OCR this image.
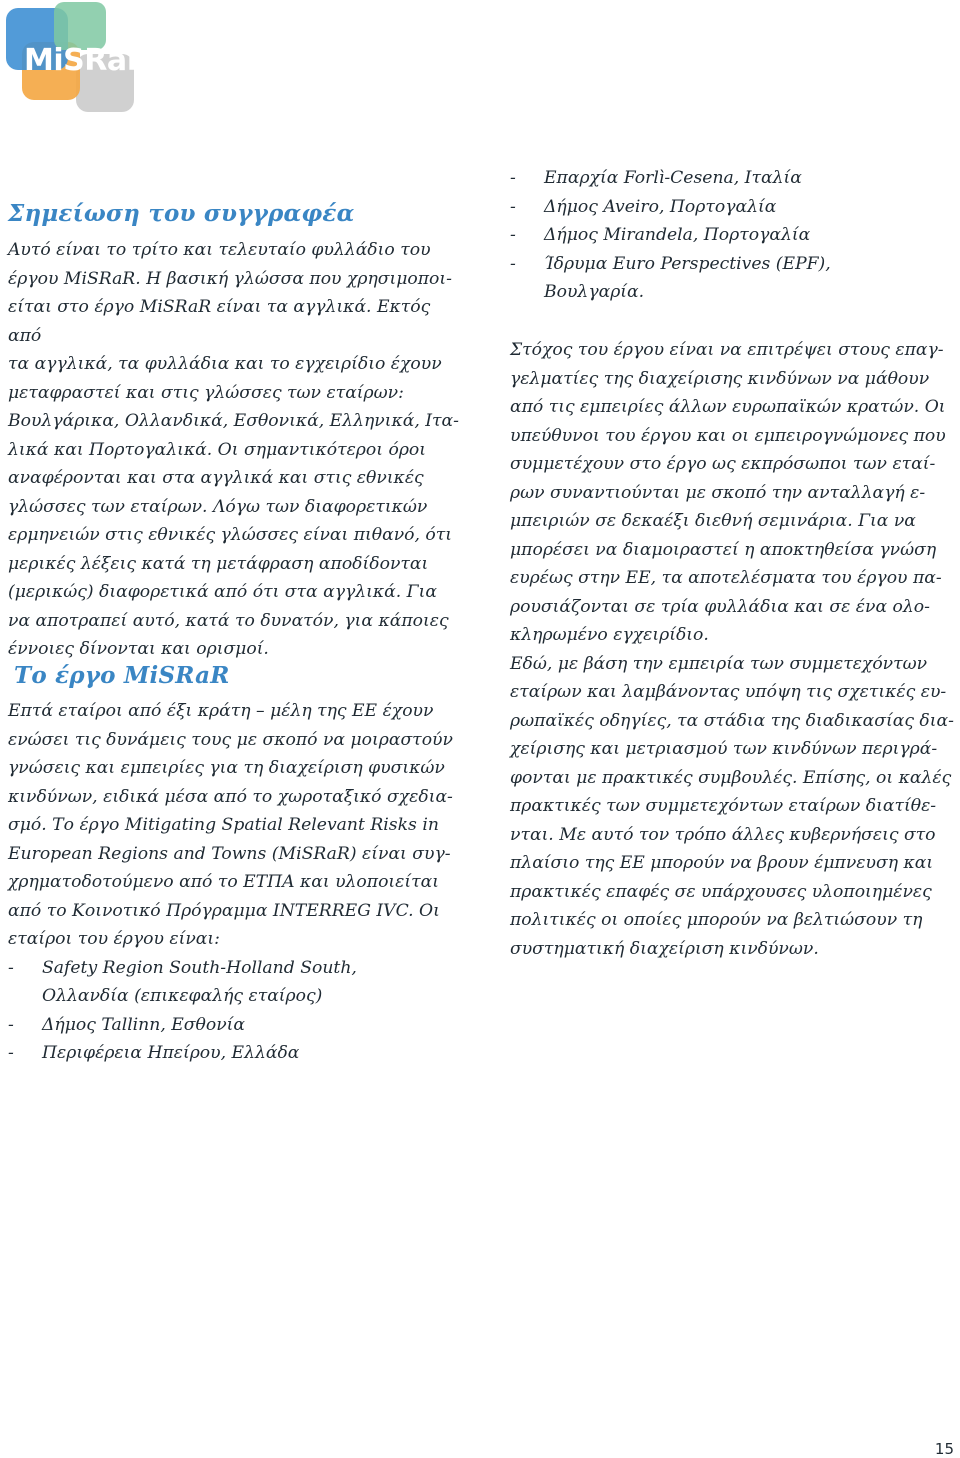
MiSRaR
Σημείωση του συγγραφέα
Αυτό είναι το τρίτο και τελευταίο φυλλάδιο του
έργου MiSRaR. Η βασική γλώσσα που χρησιμοποι-
είται στο έργο MiSRaR είναι τα αγγλικά. Εκτός από
τα αγγλικά, τα φυλλάδια και το εγχειρίδιο έχουν
μεταφραστεί και στις γλώσσες των εταίρων:
Βουλγάρικα, Ολλανδικά, Εσθονικά, Ελληνικά, Ιτα-
λικά και Πορτογαλικά. Οι σημαντικότεροι όροι
αναφέρονται και στα αγγλικά και στις εθνικές
γλώσσες των εταίρων. Λόγω των διαφορετικών
ερμηνειών στις εθνικές γλώσσες είναι πιθανό, ότι
μερικές λέξεις κατά τη μετάφραση αποδίδονται
(μερικώς) διαφορετικά από ότι στα αγγλικά. Για
να αποτραπεί αυτό, κατά το δυνατόν, για κάποιες
έννοιες δίνονται και ορισμοί.
Το έργο MiSRaR
Επτά εταίροι από έξι κράτη – μέλη της ΕΕ έχουν
ενώσει τις δυνάμεις τους με σκοπό να μοιραστούν
γνώσεις και εμπειρίες για τη διαχείριση φυσικών
κινδύνων, ειδικά μέσα από το χωροταξικό σχεδια-
σμό. Το έργο Mitigating Spatial Relevant Risks in
European Regions and Towns (MiSRaR) είναι συγ-
χρηματοδοτούμενο από το ΕΤΠΑ και υλοποιείται
από το Κοινοτικό Πρόγραμμα INTERREG IVC. Οι
εταίροι του έργου είναι:
- Safety Region South-Holland South,
Ολλανδία (επικεφαλής εταίρος)
- Δήμος Tallinn, Εσθονία
- Περιφέρεια Ηπείρου, Ελλάδα
- Επαρχία Forlì-Cesena, Ιταλία
- Δήμος Aveiro, Πορτογαλία
- Δήμος Mirandela, Πορτογαλία
- Ίδρυμα Euro Perspectives (EPF),
Βουλγαρία.
Στόχος του έργου είναι να επιτρέψει στους επαγ-
γελματίες της διαχείρισης κινδύνων να μάθουν
από τις εμπειρίες άλλων ευρωπαϊκών κρατών. Οι
υπεύθυνοι του έργου και οι εμπειρογνώμονες που
συμμετέχουν στο έργο ως εκπρόσωποι των εταί-
ρων συναντιούνται με σκοπό την ανταλλαγή ε-
μπειριών σε δεκαέξι διεθνή σεμινάρια. Για να
μπορέσει να διαμοιραστεί η αποκτηθείσα γνώση
ευρέως στην ΕΕ, τα αποτελέσματα του έργου πα-
ρουσιάζονται σε τρία φυλλάδια και σε ένα ολο-
κληρωμένο εγχειρίδιο.
Εδώ, με βάση την εμπειρία των συμμετεχόντων
εταίρων και λαμβάνοντας υπόψη τις σχετικές ευ-
ρωπαϊκές οδηγίες, τα στάδια της διαδικασίας δια-
χείρισης και μετριασμού των κινδύνων περιγρά-
φονται με πρακτικές συμβουλές. Επίσης, οι καλές
πρακτικές των συμμετεχόντων εταίρων διατίθε-
νται. Με αυτό τον τρόπο άλλες κυβερνήσεις στο
πλαίσιο της ΕΕ μπορούν να βρουν έμπνευση και
πρακτικές επαφές σε υπάρχουσες υλοποιημένες
πολιτικές οι οποίες μπορούν να βελτιώσουν τη
συστηματική διαχείριση κινδύνων.
15
